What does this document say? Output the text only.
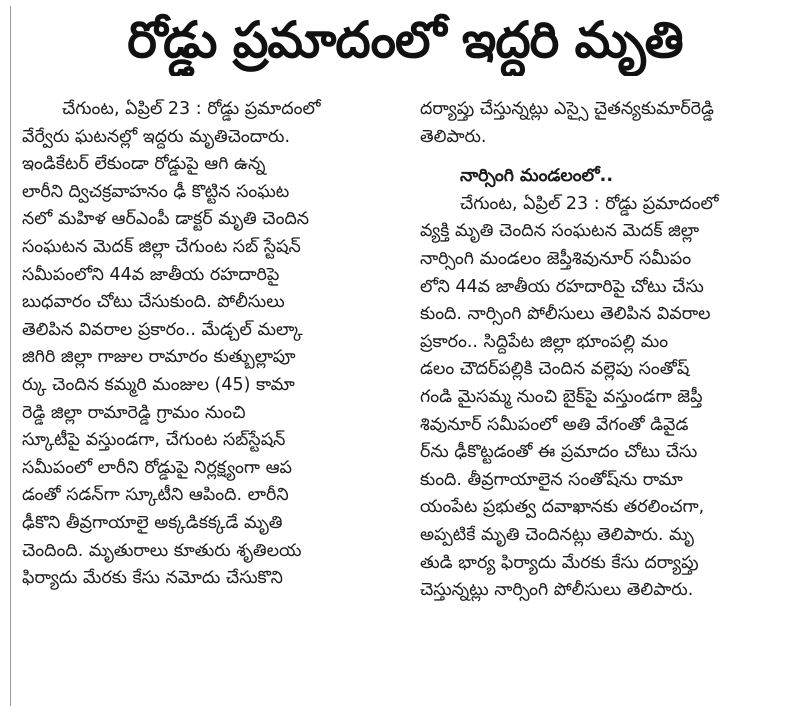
రోడ్డు ప్రమాదంలో ఇద్దరి మృతి
చేగుంట, ఏప్రిల్ 23 : రోడ్డు ప్రమాదంలో
వేర్వేరు ఘటనల్లో ఇద్దరు మృతిచెందారు.
ఇండికేటర్ లేకుండా రోడ్డుపై ఆగి ఉన్న
లారీని ద్విచక్రవాహనం ఢీ కొట్టిన సంఘట
నలో మహిళ ఆర్ఎంపీ డాక్టర్ మృతి చెందిన
సంఘటన మెదక్ జిల్లా చేగుంట సబ్ స్టేషన్
సమీపంలోని 44వ జాతీయ రహదారిపై
బుధవారం చోటు చేసుకుంది. పోలీసులు
తెలిపిన వివరాల ప్రకారం.. మేడ్చల్ మల్కా
జిగిరి జిల్లా గాజుల రామారం కుత్బుల్లాపూ
ర్కు చెందిన కమ్మరి మంజుల (45) కామా
రెడ్డి జిల్లా రామారెడ్డి గ్రామం నుంచి
స్కూటీపై వస్తుండగా, చేగుంట సబ్‌స్టేషన్
సమీపంలో లారీని రోడ్డుపై నిర్లక్ష్యంగా ఆప
డంతో సడన్‌గా స్కూటీని ఆపింది. లారీని
ఢీకొని తీవ్రగాయాలై అక్కడికక్కడే మృతి
చెందింది. మృతురాలు కూతురు శృతిలయ
ఫిర్యాదు మేరకు కేసు నమోదు చేసుకొని
దర్యాప్తు చేస్తున్నట్లు ఎస్సై చైతన్యకుమార్‌రెడ్డి
తెలిపారు.
నార్సింగి మండలంలో..
చేగుంట, ఏప్రిల్ 23 : రోడ్డు ప్రమాదంలో
వ్యక్తి మృతి చెందిన సంఘటన మెదక్ జిల్లా
నార్సింగి మండలం జెప్తీశివునూర్ సమీపం
లోని 44వ జాతీయ రహదారిపై చోటు చేసు
కుంది. నార్సింగి పోలీసులు తెలిపిన వివరాల
ప్రకారం.. సిద్దిపేట జిల్లా భూంపల్లి మం
డలం చౌదర్‌పల్లికి చెందిన వల్లెపు సంతోష్
గండి మైసమ్మ నుంచి బైక్‌పై వస్తుండగా జెప్తీ
శివునూర్ సమీపంలో అతి వేగంతో డివైడ
ర్‌ను ఢీకొట్టడంతో ఈ ప్రమాదం చోటు చేసు
కుంది. తీవ్రగాయాలైన సంతోష్‌ను రామా
యంపేట ప్రభుత్వ దవాఖానకు తరలించగా,
అప్పటికే మృతి చెందినట్లు తెలిపారు. మృ
తుడి భార్య ఫిర్యాదు మేరకు కేసు దర్యాప్తు
చెస్తున్నట్లు నార్సింగి పోలీసులు తెలిపారు.
